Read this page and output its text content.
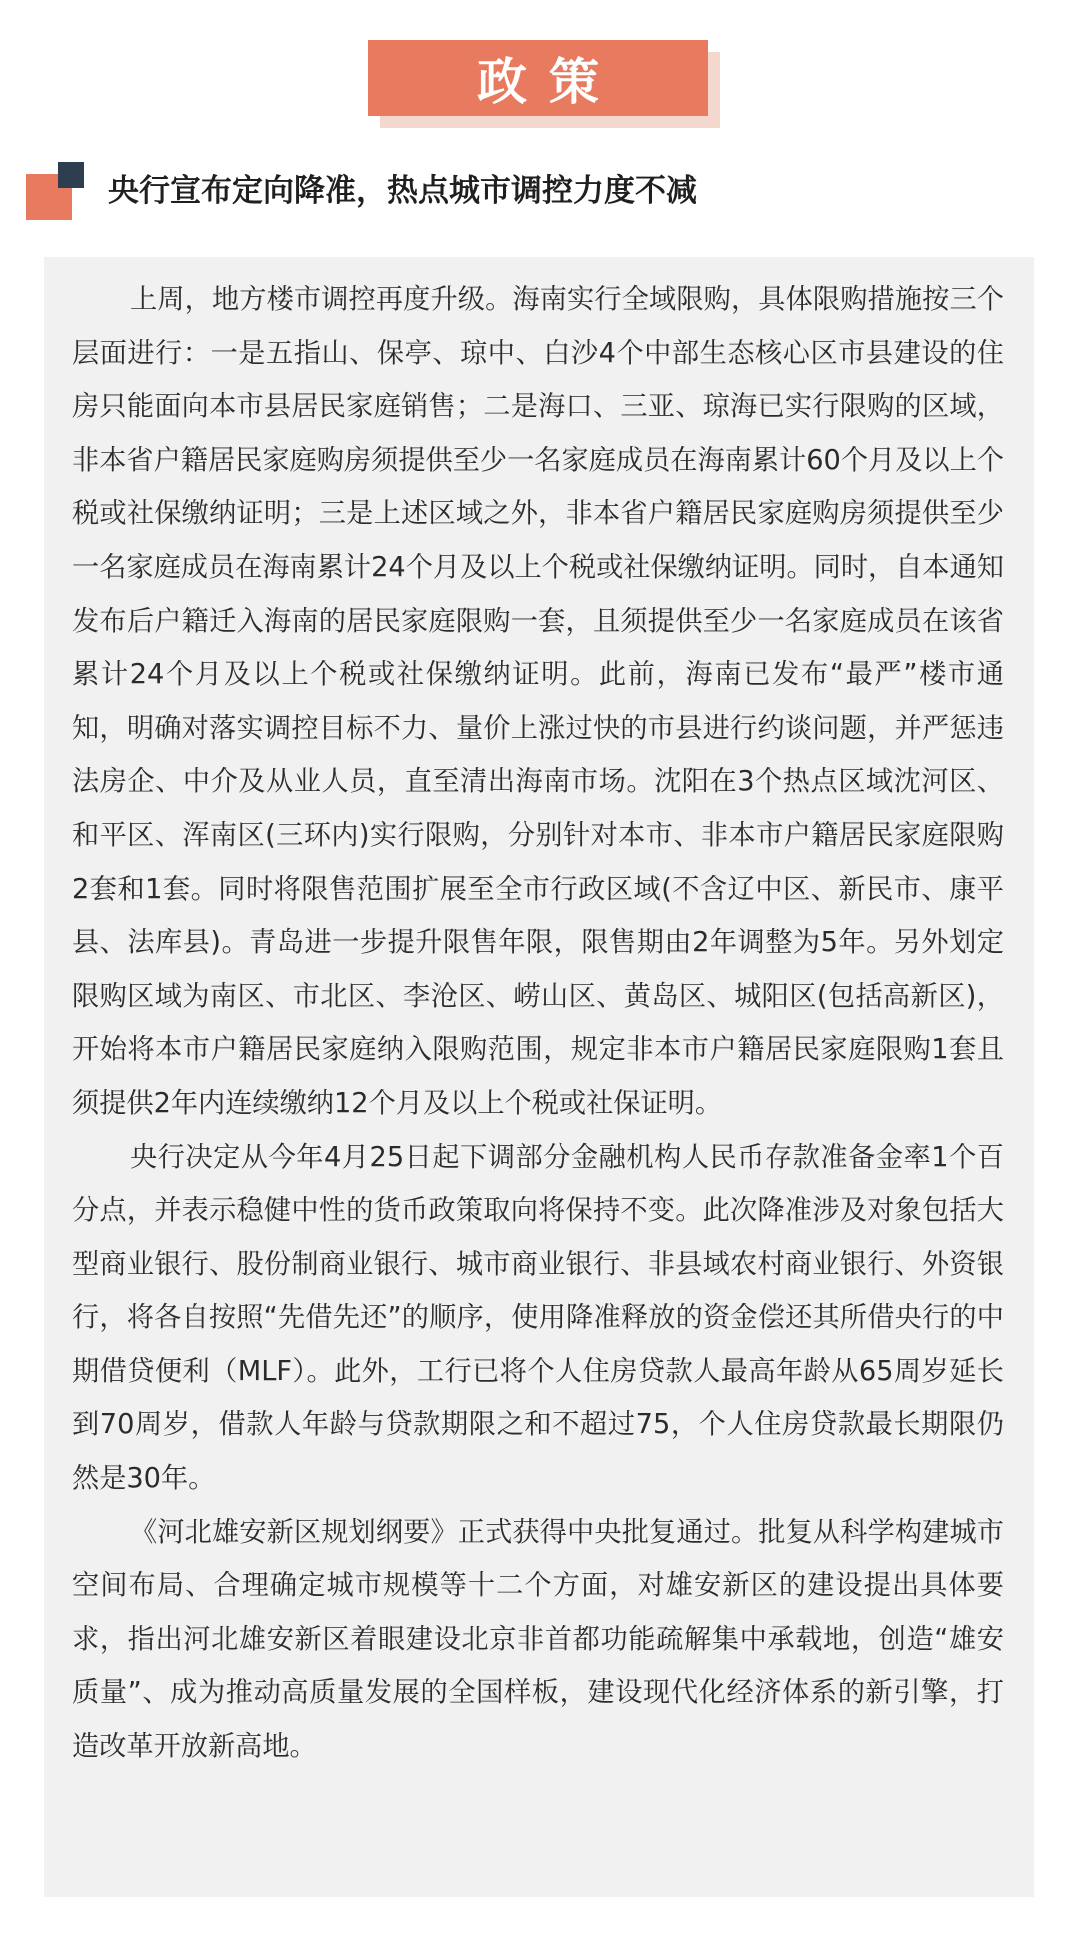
政策
央行宣布定向降准，热点城市调控力度不减

上周，地方楼市调控再度升级。海南实行全域限购，具体限购措施按三个层面进行：一是五指山、保亭、琼中、白沙4个中部生态核心区市县建设的住房只能面向本市县居民家庭销售；二是海口、三亚、琼海已实行限购的区域，非本省户籍居民家庭购房须提供至少一名家庭成员在海南累计60个月及以上个税或社保缴纳证明；三是上述区域之外，非本省户籍居民家庭购房须提供至少一名家庭成员在海南累计24个月及以上个税或社保缴纳证明。同时，自本通知发布后户籍迁入海南的居民家庭限购一套，且须提供至少一名家庭成员在该省累计24个月及以上个税或社保缴纳证明。此前，海南已发布“最严”楼市通知，明确对落实调控目标不力、量价上涨过快的市县进行约谈问题，并严惩违法房企、中介及从业人员，直至清出海南市场。沈阳在3个热点区域沈河区、和平区、浑南区(三环内)实行限购，分别针对本市、非本市户籍居民家庭限购2套和1套。同时将限售范围扩展至全市行政区域(不含辽中区、新民市、康平县、法库县)。青岛进一步提升限售年限，限售期由2年调整为5年。另外划定限购区域为南区、市北区、李沧区、崂山区、黄岛区、城阳区(包括高新区)，开始将本市户籍居民家庭纳入限购范围，规定非本市户籍居民家庭限购1套且须提供2年内连续缴纳12个月及以上个税或社保证明。

央行决定从今年4月25日起下调部分金融机构人民币存款准备金率1个百分点，并表示稳健中性的货币政策取向将保持不变。此次降准涉及对象包括大型商业银行、股份制商业银行、城市商业银行、非县域农村商业银行、外资银行，将各自按照“先借先还”的顺序，使用降准释放的资金偿还其所借央行的中期借贷便利（MLF）。此外，工行已将个人住房贷款人最高年龄从65周岁延长到70周岁，借款人年龄与贷款期限之和不超过75，个人住房贷款最长期限仍然是30年。

《河北雄安新区规划纲要》正式获得中央批复通过。批复从科学构建城市空间布局、合理确定城市规模等十二个方面，对雄安新区的建设提出具体要求，指出河北雄安新区着眼建设北京非首都功能疏解集中承载地，创造“雄安质量”、成为推动高质量发展的全国样板，建设现代化经济体系的新引擎，打造改革开放新高地。
